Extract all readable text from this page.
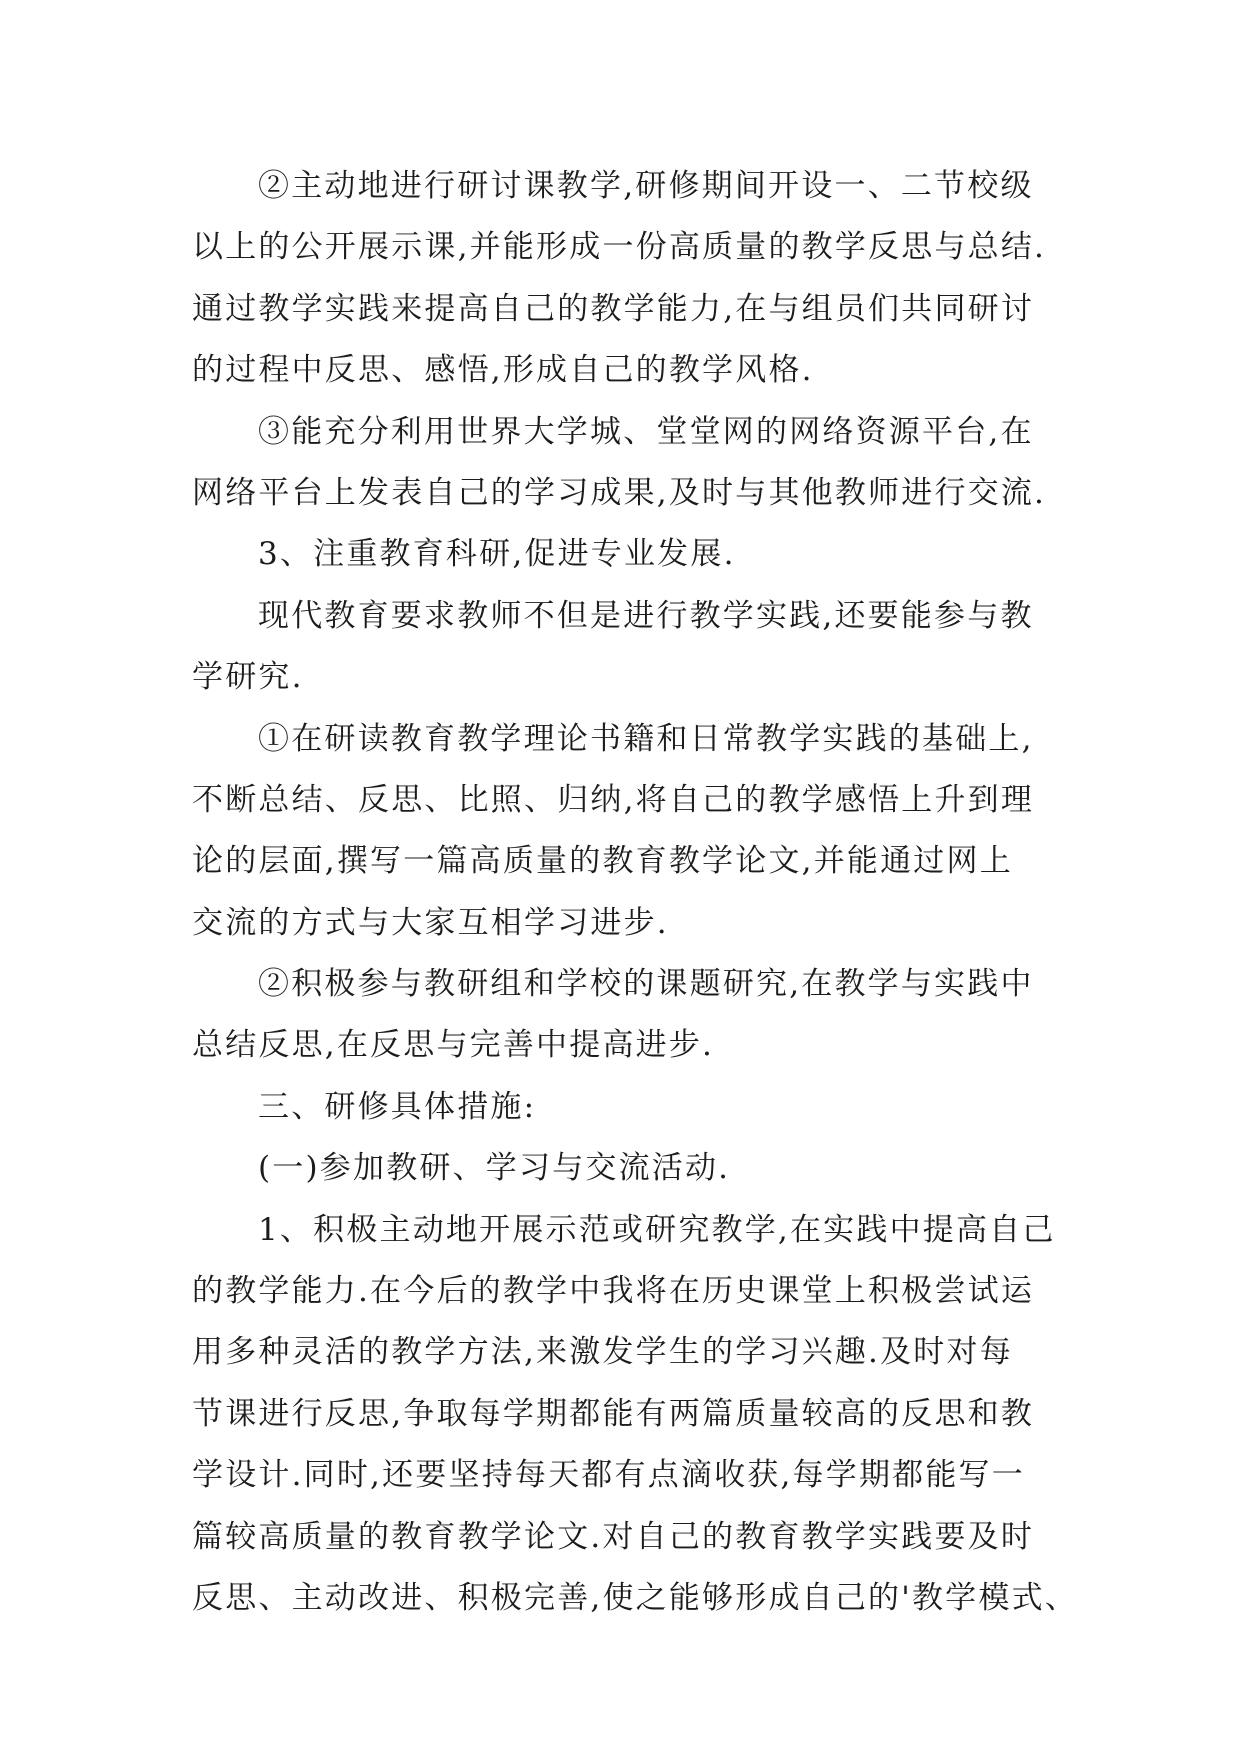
②主动地进行研讨课教学,研修期间开设一、二节校级
以上的公开展示课,并能形成一份高质量的教学反思与总结.
通过教学实践来提高自己的教学能力,在与组员们共同研讨
的过程中反思、感悟,形成自己的教学风格.
③能充分利用世界大学城、堂堂网的网络资源平台,在
网络平台上发表自己的学习成果,及时与其他教师进行交流.
3、注重教育科研,促进专业发展.
现代教育要求教师不但是进行教学实践,还要能参与教
学研究.
①在研读教育教学理论书籍和日常教学实践的基础上,
不断总结、反思、比照、归纳,将自己的教学感悟上升到理
论的层面,撰写一篇高质量的教育教学论文,并能通过网上
交流的方式与大家互相学习进步.
②积极参与教研组和学校的课题研究,在教学与实践中
总结反思,在反思与完善中提高进步.
三、研修具体措施:
(一)参加教研、学习与交流活动.
1、积极主动地开展示范或研究教学,在实践中提高自己
的教学能力.在今后的教学中我将在历史课堂上积极尝试运
用多种灵活的教学方法,来激发学生的学习兴趣.及时对每
节课进行反思,争取每学期都能有两篇质量较高的反思和教
学设计.同时,还要坚持每天都有点滴收获,每学期都能写一
篇较高质量的教育教学论文.对自己的教育教学实践要及时
反思、主动改进、积极完善,使之能够形成自己的'教学模式、
